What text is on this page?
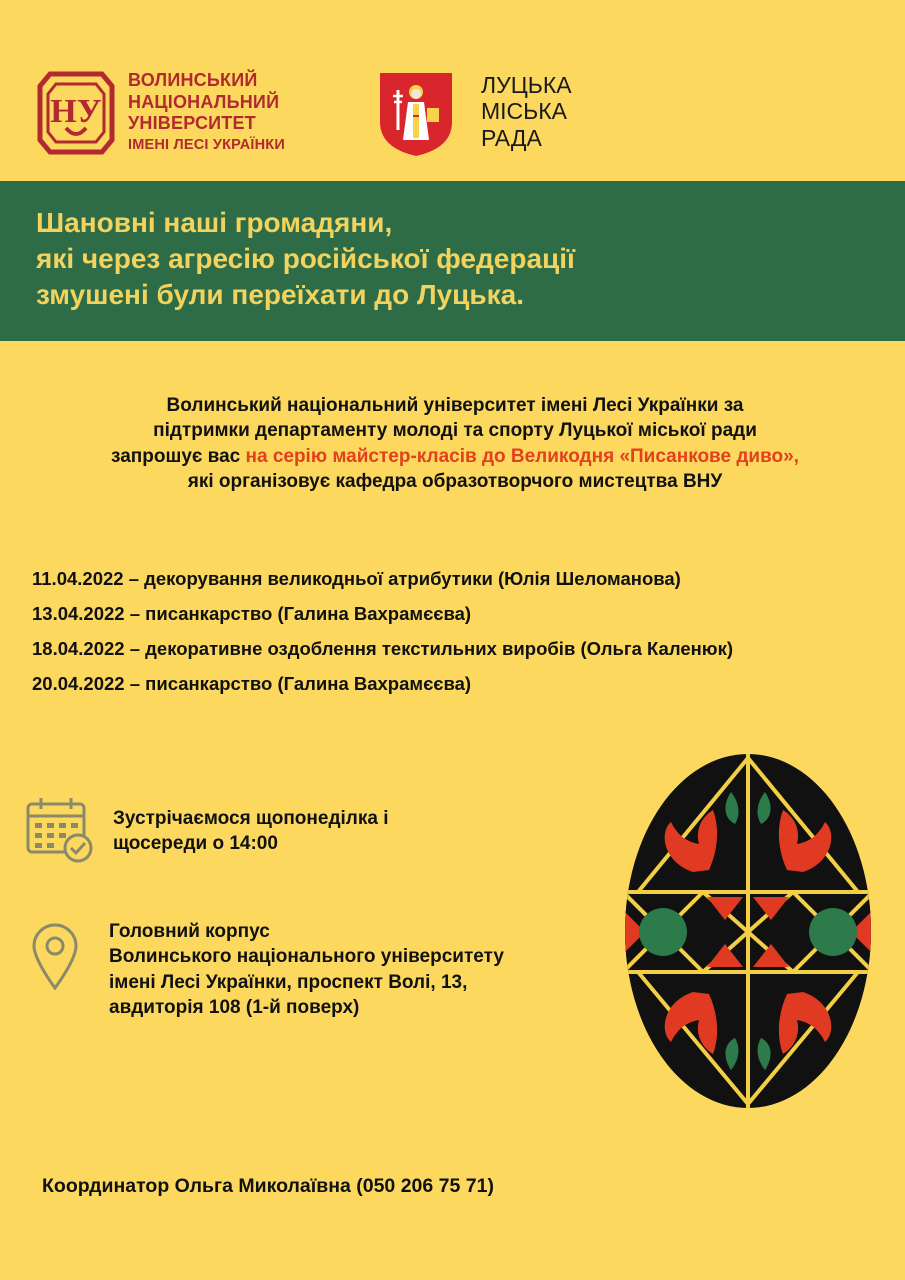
НУ
ВОЛИНСЬКИЙ
НАЦІОНАЛЬНИЙ
УНІВЕРСИТЕТ
ІМЕНІ ЛЕСІ УКРАЇНКИ
ЛУЦЬКА
МІСЬКА
РАДА
Шановні наші громадяни,
які через агресію російської федерації
змушені були переїхати до Луцька.
Волинський національний університет імені Лесі Українки за
підтримки департаменту молоді та спорту Луцької міської ради
запрошує вас на серію майстер-класів до Великодня «Писанкове диво»,
які організовує кафедра образотворчого мистецтва ВНУ
11.04.2022 – декорування великодньої атрибутики (Юлія Шеломанова)
13.04.2022 – писанкарство (Галина Вахрамєєва)
18.04.2022 – декоративне оздоблення текстильних виробів (Ольга Каленюк)
20.04.2022 – писанкарство (Галина Вахрамєєва)
Зустрічаємося щопонеділка і
щосереди о 14:00
Головний корпус
Волинського національного університету
імені Лесі Українки, проспект Волі, 13,
авдиторія 108 (1-й поверх)
Координатор Ольга Миколаївна (050 206 75 71)
